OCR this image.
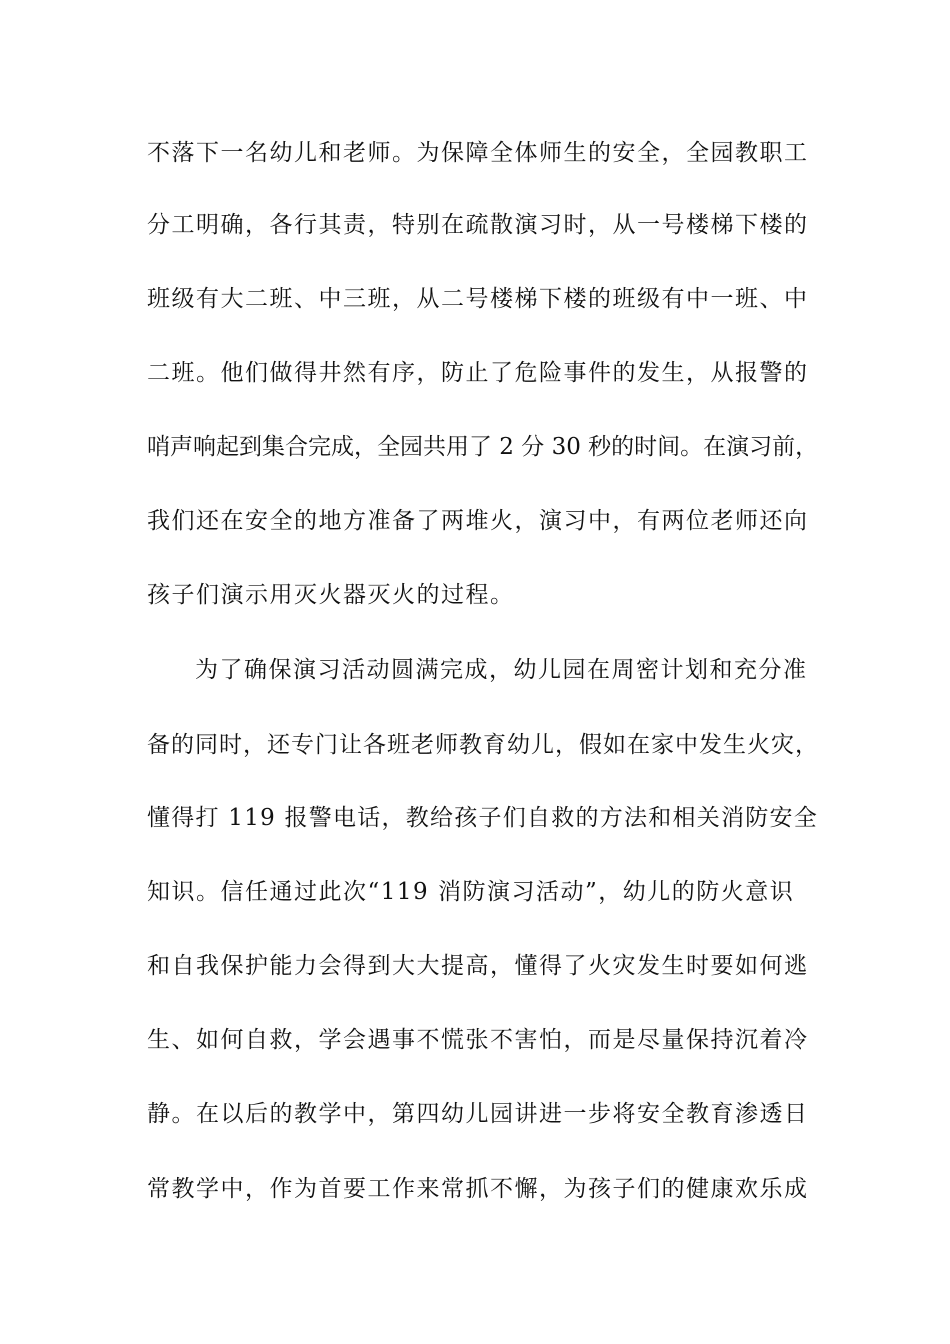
不落下一名幼儿和老师。为保障全体师生的安全，全园教职工
分工明确，各行其责，特别在疏散演习时，从一号楼梯下楼的
班级有大二班、中三班，从二号楼梯下楼的班级有中一班、中
二班。他们做得井然有序，防止了危险事件的发生，从报警的
哨声响起到集合完成，全园共用了 2 分 30 秒的时间。在演习前，
我们还在安全的地方准备了两堆火，演习中，有两位老师还向
孩子们演示用灭火器灭火的过程。
为了确保演习活动圆满完成，幼儿园在周密计划和充分准
备的同时，还专门让各班老师教育幼儿，假如在家中发生火灾，
懂得打 119 报警电话，教给孩子们自救的方法和相关消防安全
知识。信任通过此次“119 消防演习活动”，幼儿的防火意识
和自我保护能力会得到大大提高，懂得了火灾发生时要如何逃
生、如何自救，学会遇事不慌张不害怕，而是尽量保持沉着冷
静。在以后的教学中，第四幼儿园讲进一步将安全教育渗透日
常教学中，作为首要工作来常抓不懈，为孩子们的健康欢乐成
